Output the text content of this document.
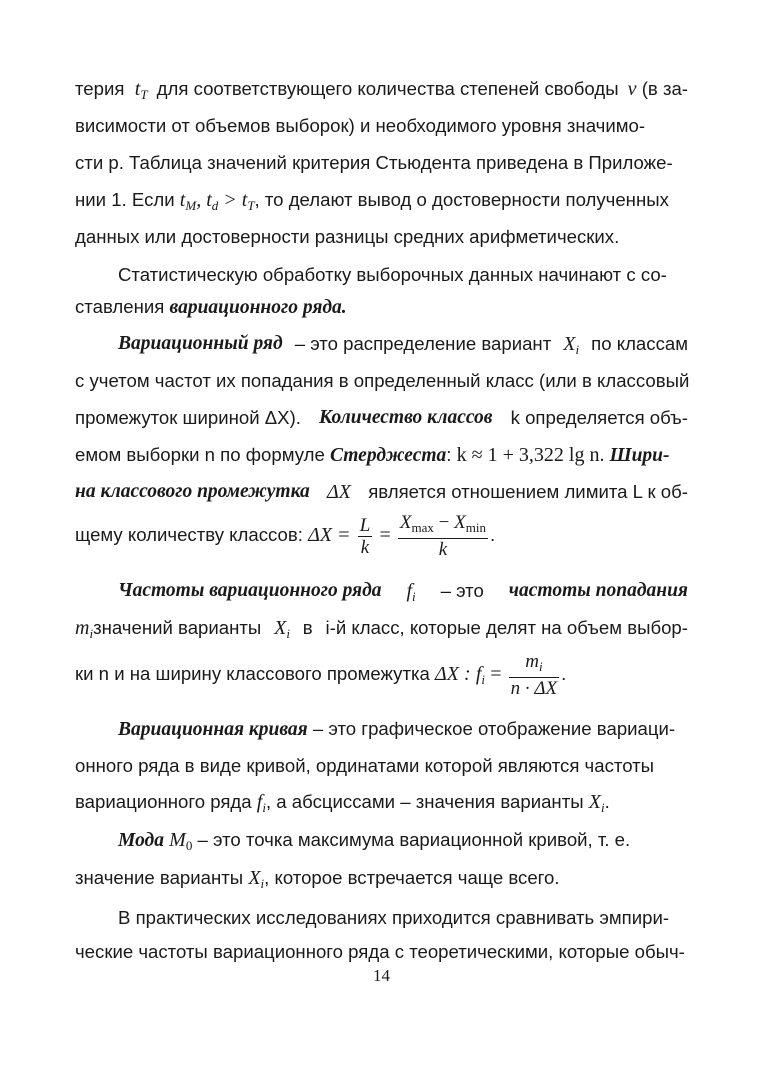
терия $t_T$ для соответствующего количества степеней свободы v (в за-
висимости от объемов выборок) и необходимого уровня значимо-
сти p. Таблица значений критерия Стьюдента приведена в Приложе-
нии 1. Если $t_M$, $t_d > t_T$, то делают вывод о достоверности полученных
данных или достоверности разницы средних арифметических.
Статистическую обработку выборочных данных начинают с со-
ставления вариационного ряда.
Вариационный ряд – это распределение вариант $X_i$ по классам
с учетом частот их попадания в определенный класс (или в классовый
промежуток шириной ΔX). Количество классов k определяется объ-
емом выборки n по формуле Стерджеста: k ≈ 1 + 3,322 lg n. Шири-
на классового промежутка ΔX является отношением лимита L к об-
щему количеству классов: $\Delta X = \frac{L}{k} = \frac{X_{max} - X_{min}}{k}$ .
Частоты вариационного ряда $f_i$ – это частоты попадания
$m_iзначений$ варианты $X_i$ в i-й класс, которые делят на объем выбор-
ки n и на ширину классового промежутка ΔX : $f_i = \frac{m_i}{n \cdot \Delta X}$ .
Вариационная кривая – это графическое отображение вариаци-
онного ряда в виде кривой, ординатами которой являются частоты
вариационного ряда $f_i$, а абсциссами – значения варианты $X_i$.
Мода $M_0$ – это точка максимума вариационной кривой, т. е.
значение варианты $X_i$, которое встречается чаще всего.
В практических исследованиях приходится сравнивать эмпири-
ческие частоты вариационного ряда с теоретическими, которые обыч-
14
